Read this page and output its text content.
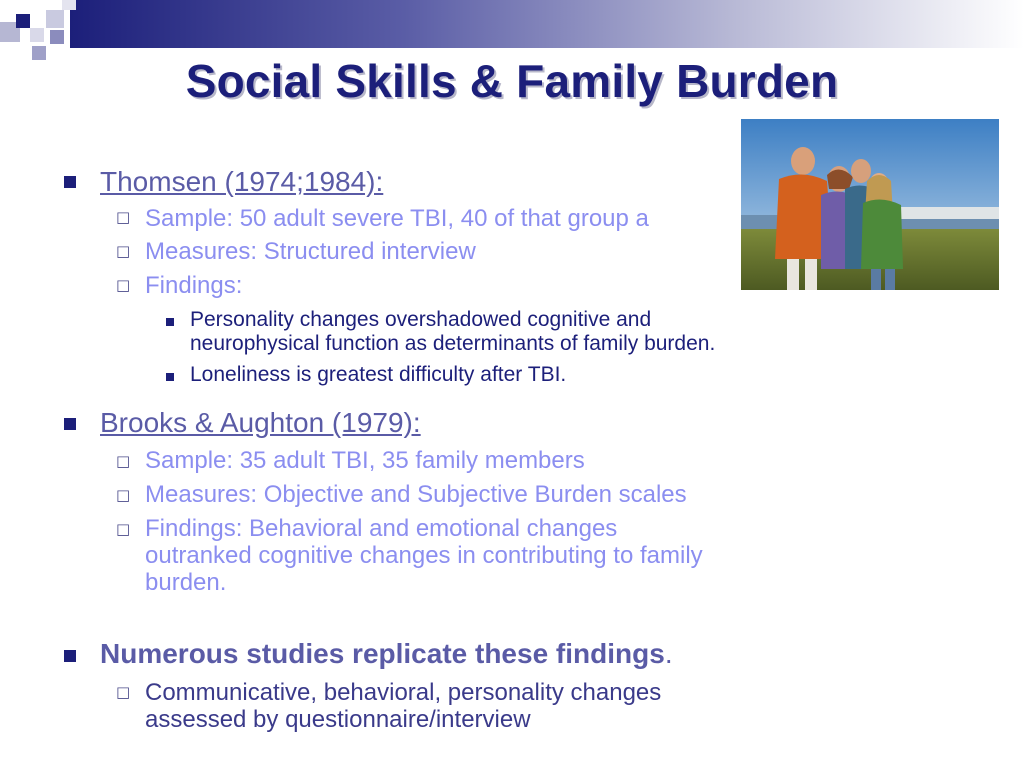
Social Skills & Family Burden
Thomsen (1974;1984):
□ Sample: 50 adult severe TBI, 40 of that group a
□ Measures: Structured interview
□ Findings:
Personality changes overshadowed cognitive and
neurophysical function as determinants of family burden.
Loneliness is greatest difficulty after TBI.
Brooks & Aughton (1979):
□ Sample: 35 adult TBI, 35 family members
□ Measures: Objective and Subjective Burden scales
□ Findings: Behavioral and emotional changes
outranked cognitive changes in contributing to family
burden.
Numerous studies replicate these findings.
□ Communicative, behavioral, personality changes
assessed by questionnaire/interview
